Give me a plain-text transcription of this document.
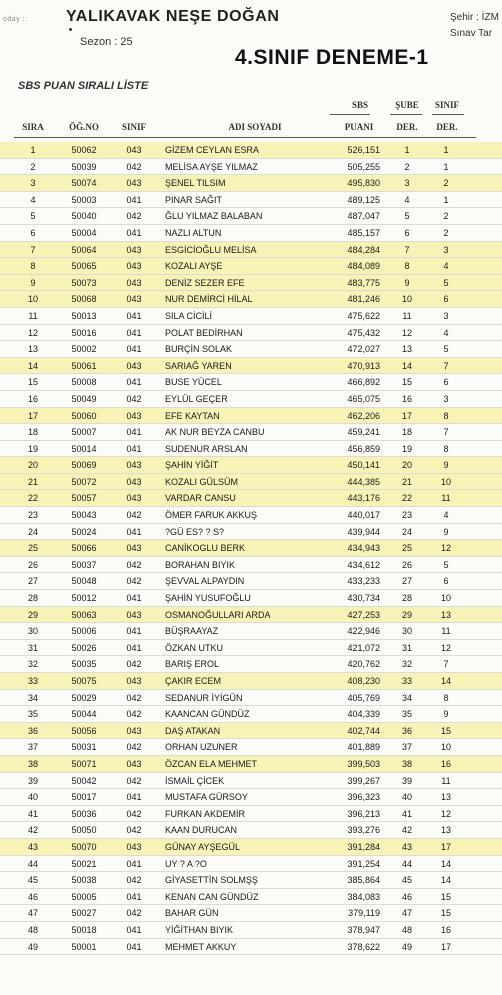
oday :: YALIKAVAK NEŞE DOĞAN
Sezon : 25
Şehir : İZM
Sınav Tar
4.SINIF DENEME-1
SBS PUAN SIRALI LİSTE
SBS	ŞUBE	SINIF
SIRA	ÖĞ.NO	SINIF	ADI SOYADI	PUANI	DER.	DER.
1	50062	043	GİZEM CEYLAN ESRA	526,151	1	1
2	50039	042	MELİSA AYŞE YILMAZ	505,255	2	1
3	50074	043	ŞENEL TILSIM	495,830	3	2
4	50003	041	PINAR SAĞIT	489,125	4	1
5	50040	042	ĞLU YILMAZ BALABAN	487,047	5	2
6	50004	041	NAZLI ALTUN	485,157	6	2
7	50064	043	ESGİCİOĞLU MELİSA	484,284	7	3
8	50065	043	KOZALI AYŞE	484,089	8	4
9	50073	043	DENİZ SEZER EFE	483,775	9	5
10	50068	043	NUR DEMİRCİ HİLAL	481,246	10	6
11	50013	041	SILA CİCİLİ	475,622	11	3
12	50016	041	POLAT BEDİRHAN	475,432	12	4
13	50002	041	BURÇİN SOLAK	472,027	13	5
14	50061	043	SARIAĞ YAREN	470,913	14	7
15	50008	041	BUSE YÜCEL	466,892	15	6
16	50049	042	EYLÜL GEÇER	465,075	16	3
17	50060	043	EFE KAYTAN	462,206	17	8
18	50007	041	AK NUR BEYZA CANBU	459,241	18	7
19	50014	041	SUDENUR ARSLAN	456,859	19	8
20	50069	043	ŞAHİN YİĞİT	450,141	20	9
21	50072	043	KOZALI GÜLSÜM	444,385	21	10
22	50057	043	VARDAR CANSU	443,176	22	11
23	50043	042	ÖMER FARUK AKKUŞ	440,017	23	4
24	50024	041	?GÜ ES? ? S?	439,944	24	9
25	50066	043	CANİKOGLU BERK	434,943	25	12
26	50037	042	BORAHAN BIYIK	434,612	26	5
27	50048	042	ŞEVVAL ALPAYDIN	433,233	27	6
28	50012	041	ŞAHİN YUSUFOĞLU	430,734	28	10
29	50063	043	OSMANOĞULLARI ARDA	427,253	29	13
30	50006	041	BÜŞRAAYAZ	422,946	30	11
31	50026	041	ÖZKAN UTKU	421,072	31	12
32	50035	042	BARIŞ EROL	420,762	32	7
33	50075	043	ÇAKIR ECEM	408,230	33	14
34	50029	042	SEDANUR İYİGÜN	405,769	34	8
35	50044	042	KAANCAN GÜNDÜZ	404,339	35	9
36	50056	043	DAŞ ATAKAN	402,744	36	15
37	50031	042	ORHAN UZUNER	401,889	37	10
38	50071	043	ÖZCAN ELA MEHMET	399,503	38	16
39	50042	042	İSMAİL ÇİCEK	399,267	39	11
40	50017	041	MUSTAFA GÜRSOY	396,323	40	13
41	50036	042	FURKAN AKDEMİR	396,213	41	12
42	50050	042	KAAN DURUCAN	393,276	42	13
43	50070	043	GÜNAY AYŞEGÜL	391,284	43	17
44	50021	041	UY ? A ?O	391,254	44	14
45	50038	042	GİYASETTİN SOLMŞŞ	385,864	45	14
46	50005	041	KENAN CAN GÜNDÜZ	384,083	46	15
47	50027	042	BAHAR GÜN	379,119	47	15
48	50018	041	YİĞİTHAN BIYIK	378,947	48	16
49	50001	041	MEHMET AKKUY	378,622	49	17
